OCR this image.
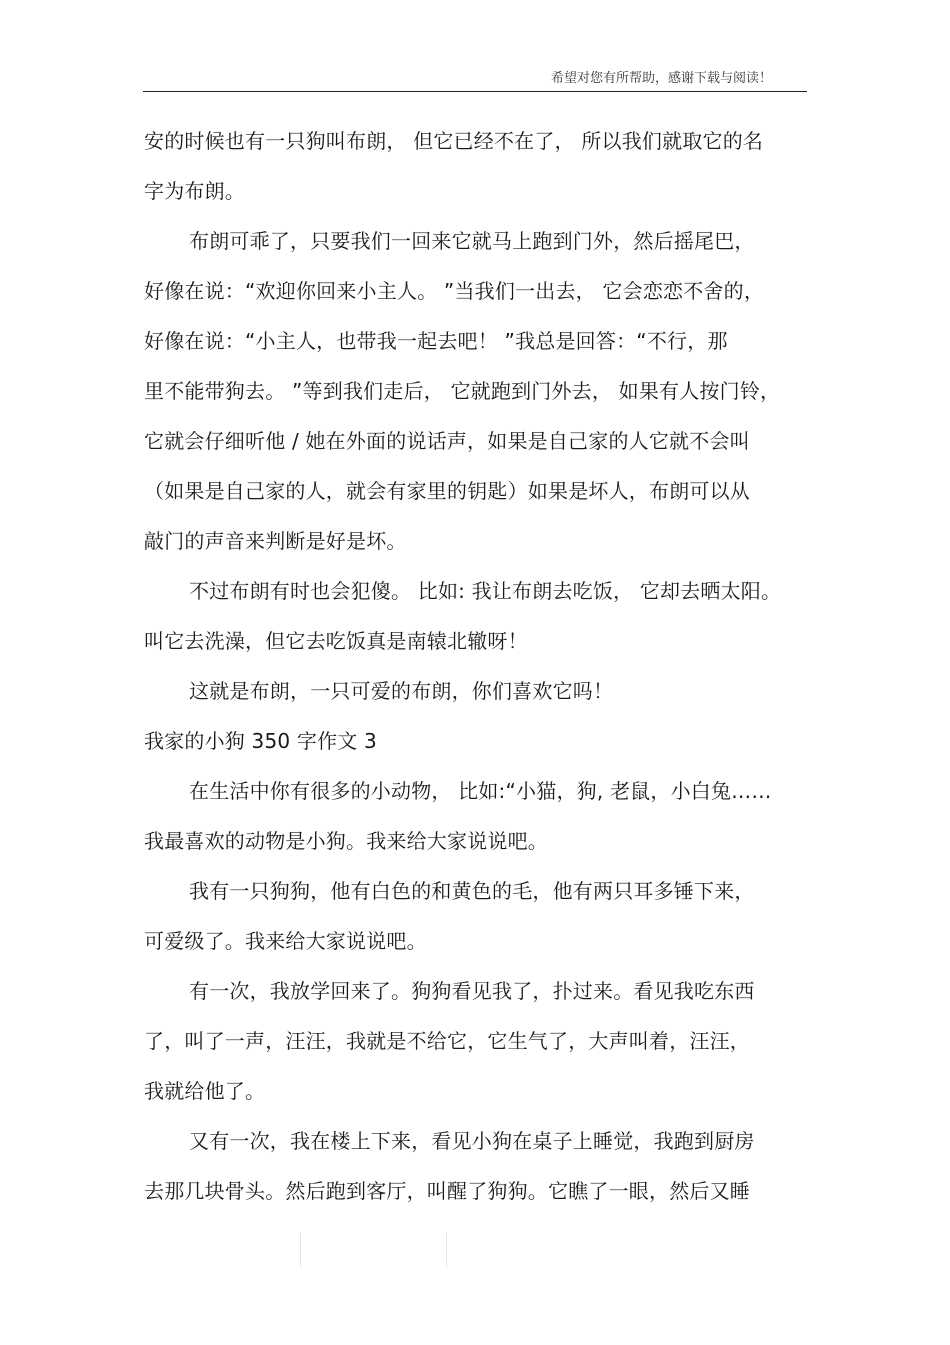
希望对您有所帮助，感谢下载与阅读！
安的时候也有一只狗叫布朗， 但它已经不在了， 所以我们就取它的名
字为布朗。
布朗可乖了，只要我们一回来它就马上跑到门外，然后摇尾巴，
好像在说：“欢迎你回来小主人。 ”当我们一出去， 它会恋恋不舍的，
好像在说：“小主人，也带我一起去吧！ ”我总是回答：“不行，那
里不能带狗去。 ”等到我们走后， 它就跑到门外去， 如果有人按门铃，
它就会仔细听他 / 她在外面的说话声，如果是自己家的人它就不会叫
（如果是自己家的人，就会有家里的钥匙）如果是坏人，布朗可以从
敲门的声音来判断是好是坏。
不过布朗有时也会犯傻。 比如: 我让布朗去吃饭， 它却去晒太阳。
叫它去洗澡，但它去吃饭真是南辕北辙呀！
这就是布朗，一只可爱的布朗，你们喜欢它吗！
我家的小狗 350 字作文 3
在生活中你有很多的小动物， 比如:“小猫，狗, 老鼠，小白兔……
我最喜欢的动物是小狗。我来给大家说说吧。
我有一只狗狗，他有白色的和黄色的毛，他有两只耳多锤下来，
可爱级了。我来给大家说说吧。
有一次，我放学回来了。狗狗看见我了，扑过来。看见我吃东西
了，叫了一声，汪汪，我就是不给它，它生气了，大声叫着，汪汪，
我就给他了。
又有一次，我在楼上下来，看见小狗在桌子上睡觉，我跑到厨房
去那几块骨头。然后跑到客厅，叫醒了狗狗。它瞧了一眼，然后又睡
